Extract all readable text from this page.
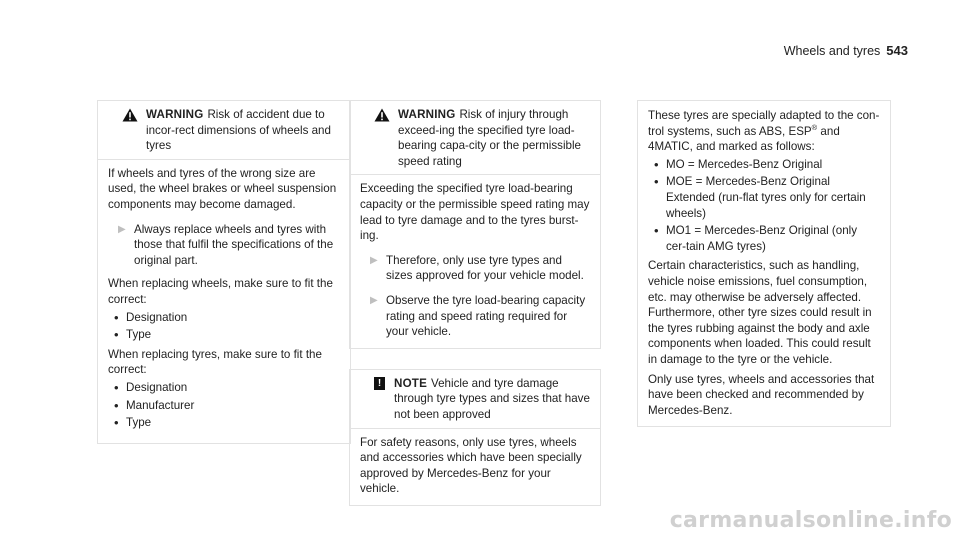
Wheels and tyres 543
WARNING Risk of accident due to incor-rect dimensions of wheels and tyres

If wheels and tyres of the wrong size are used, the wheel brakes or wheel suspension components may become damaged.

▶ Always replace wheels and tyres with those that fulfil the specifications of the original part.

When replacing wheels, make sure to fit the correct:

• Designation
• Type

When replacing tyres, make sure to fit the correct:

• Designation
• Manufacturer
• Type
WARNING Risk of injury through exceed-ing the specified tyre load-bearing capa-city or the permissible speed rating

Exceeding the specified tyre load-bearing capacity or the permissible speed rating may lead to tyre damage and to the tyres burst-ing.

▶ Therefore, only use tyre types and sizes approved for your vehicle model.
▶ Observe the tyre load-bearing capacity rating and speed rating required for your vehicle.
!	NOTE Vehicle and tyre damage through tyre types and sizes that have not been approved

For safety reasons, only use tyres, wheels and accessories which have been specially approved by Mercedes-Benz for your vehicle.

These tyres are specially adapted to the con-trol systems, such as ABS, ESP® and 4MATIC, and marked as follows:

• MO = Mercedes-Benz Original
• MOE = Mercedes-Benz Original Extended (run-flat tyres only for certain wheels)
• MO1 = Mercedes-Benz Original (only cer-tain AMG tyres)

Certain characteristics, such as handling, vehicle noise emissions, fuel consumption, etc. may otherwise be adversely affected. Furthermore, other tyre sizes could result in the tyres rubbing against the body and axle components when loaded. This could result in damage to the tyre or the vehicle.

Only use tyres, wheels and accessories that have been checked and recommended by Mercedes-Benz.

carmanualsonline.info
